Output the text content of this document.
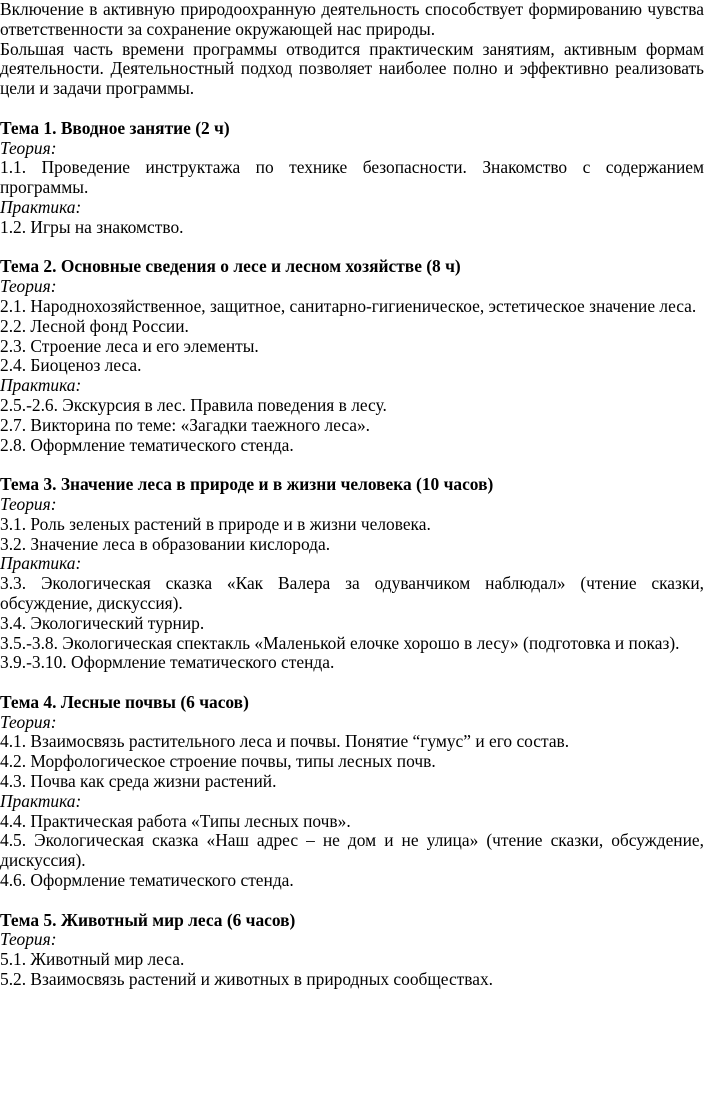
Включение в активную природоохранную деятельность способствует формированию чувства ответственности за сохранение окружающей нас природы.

Большая часть времени программы отводится практическим занятиям, активным формам деятельности. Деятельностный подход позволяет наиболее полно и эффективно реализовать цели и задачи программы.

Тема 1. Вводное занятие (2 ч)

Теория:

1.1. Проведение инструктажа по технике безопасности. Знакомство с содержанием программы.

Практика:

1.2. Игры на знакомство.

Тема 2. Основные сведения о лесе и лесном хозяйстве (8 ч)

Теория:

2.1. Народнохозяйственное, защитное, санитарно-гигиеническое, эстетическое значение леса.

2.2. Лесной фонд России.

2.3. Строение леса и его элементы.

2.4. Биоценоз леса.

Практика:

2.5.-2.6. Экскурсия в лес. Правила поведения в лесу.

2.7. Викторина по теме: «Загадки таежного леса».

2.8. Оформление тематического стенда.

Тема 3. Значение леса в природе и в жизни человека (10 часов)

Теория:

3.1. Роль зеленых растений в природе и в жизни человека.

3.2. Значение леса в образовании кислорода.

Практика:

3.3. Экологическая сказка «Как Валера за одуванчиком наблюдал» (чтение сказки, обсуждение, дискуссия).

3.4. Экологический турнир.

3.5.-3.8. Экологическая спектакль «Маленькой елочке хорошо в лесу» (подготовка и показ).

3.9.-3.10. Оформление тематического стенда.

Тема 4. Лесные почвы (6 часов)

Теория:

4.1. Взаимосвязь растительного леса и почвы. Понятие “гумус” и его состав.

4.2. Морфологическое строение почвы, типы лесных почв.

4.3. Почва как среда жизни растений.

Практика:

4.4. Практическая работа «Типы лесных почв».

4.5. Экологическая сказка «Наш адрес – не дом и не улица» (чтение сказки, обсуждение, дискуссия).

4.6. Оформление тематического стенда.

Тема 5. Животный мир леса (6 часов)

Теория:

5.1. Животный мир леса.

5.2. Взаимосвязь растений и животных в природных сообществах.
